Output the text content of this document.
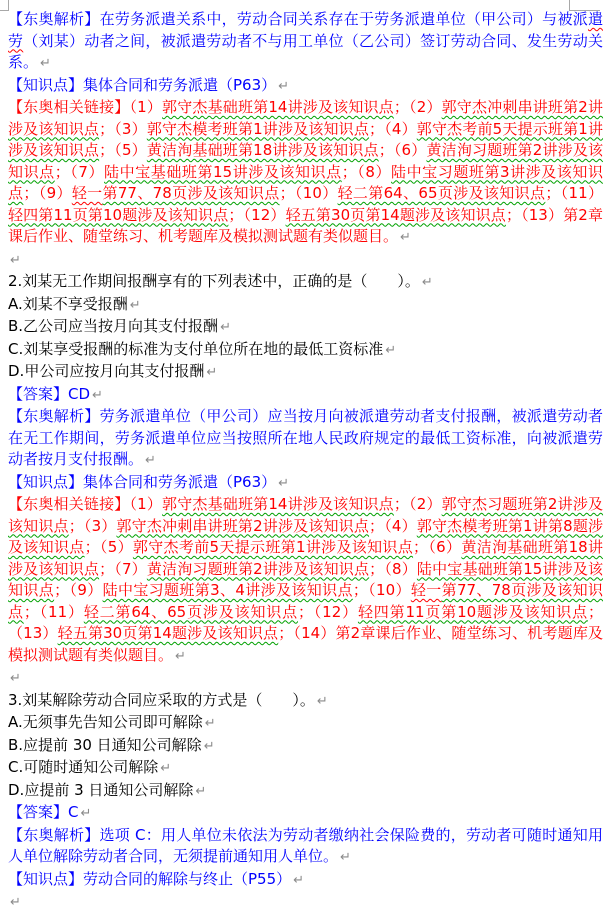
【东奥解析】在劳务派遣关系中，劳动合同关系存在于劳务派遣单位（甲公司）与被派遣劳（刘某）动者之间，被派遣劳动者不与用工单位（乙公司）签订劳动合同、发生劳动关系。 ↵

【知识点】集体合同和劳务派遣（P63） ↵

【东奥相关链接】（1）郭守杰基础班第14讲涉及该知识点；（2）郭守杰冲刺串讲班第2讲涉及该知识点；（3）郭守杰模考班第1讲涉及该知识点；（4）郭守杰考前5天提示班第1讲涉及该知识点；（5）黄洁洵基础班第18讲涉及该知识点；（6）黄洁洵习题班第2讲涉及该知识点；（7）陆中宝基础班第15讲涉及该知识点；（8）陆中宝习题班第3讲涉及该知识点；（9）轻一第77、78页涉及该知识点；（10）轻二第64、65页涉及该知识点；（11）轻四第11页第10题涉及该知识点；（12）轻五第30页第14题涉及该知识点；（13）第2章课后作业、随堂练习、机考题库及模拟测试题有类似题目。 ↵

↵

2.刘某无工作期间报酬享有的下列表述中，正确的是（　　）。 ↵

A.刘某不享受报酬 ↵

B.乙公司应当按月向其支付报酬 ↵

C.刘某享受报酬的标准为支付单位所在地的最低工资标准 ↵

D.甲公司应按月向其支付报酬 ↵

【答案】CD ↵

【东奥解析】劳务派遣单位（甲公司）应当按月向被派遣劳动者支付报酬，被派遣劳动者在无工作期间，劳务派遣单位应当按照所在地人民政府规定的最低工资标准，向被派遣劳动者按月支付报酬。 ↵

【知识点】集体合同和劳务派遣（P63） ↵

【东奥相关链接】（1）郭守杰基础班第14讲涉及该知识点；（2）郭守杰习题班第2讲涉及该知识点；（3）郭守杰冲刺串讲班第2讲涉及该知识点；（4）郭守杰模考班第1讲第8题涉及该知识点；（5）郭守杰考前5天提示班第1讲涉及该知识点；（6）黄洁洵基础班第18讲涉及该知识点；（7）黄洁洵习题班第2讲涉及该知识点；（8）陆中宝基础班第15讲涉及该知识点；（9）陆中宝习题班第3、4讲涉及该知识点；（10）轻一第77、78页涉及该知识点；（11）轻二第64、65页涉及该知识点；（12）轻四第11页第10题涉及该知识点；（13）轻五第30页第14题涉及该知识点；（14）第2章课后作业、随堂练习、机考题库及模拟测试题有类似题目。 ↵

↵

3.刘某解除劳动合同应采取的方式是（　　）。 ↵

A.无须事先告知公司即可解除 ↵

B.应提前 30 日通知公司解除 ↵

C.可随时通知公司解除 ↵

D.应提前 3 日通知公司解除 ↵

【答案】C ↵

【东奥解析】选项 C：用人单位未依法为劳动者缴纳社会保险费的，劳动者可随时通知用人单位解除劳动者合同，无须提前通知用人单位。 ↵

【知识点】劳动合同的解除与终止（P55） ↵

↵
